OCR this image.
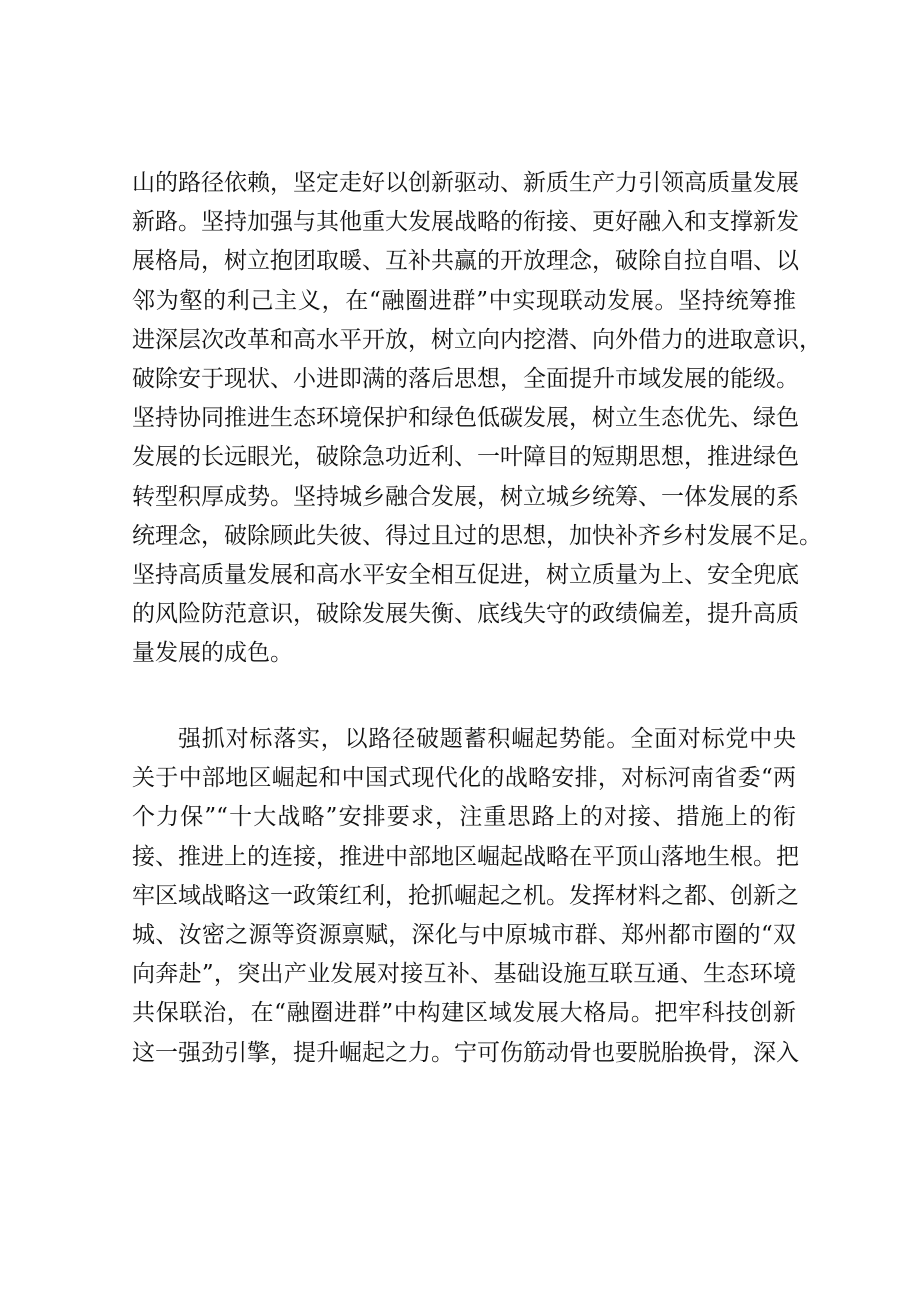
山的路径依赖，坚定走好以创新驱动、新质生产力引领高质量发展
新路。坚持加强与其他重大发展战略的衔接、更好融入和支撑新发
展格局，树立抱团取暖、互补共赢的开放理念，破除自拉自唱、以
邻为壑的利己主义，在“融圈进群”中实现联动发展。坚持统筹推
进深层次改革和高水平开放，树立向内挖潜、向外借力的进取意识，
破除安于现状、小进即满的落后思想，全面提升市域发展的能级。
坚持协同推进生态环境保护和绿色低碳发展，树立生态优先、绿色
发展的长远眼光，破除急功近利、一叶障目的短期思想，推进绿色
转型积厚成势。坚持城乡融合发展，树立城乡统筹、一体发展的系
统理念，破除顾此失彼、得过且过的思想，加快补齐乡村发展不足。
坚持高质量发展和高水平安全相互促进，树立质量为上、安全兜底
的风险防范意识，破除发展失衡、底线失守的政绩偏差，提升高质
量发展的成色。
强抓对标落实，以路径破题蓄积崛起势能。全面对标党中央
关于中部地区崛起和中国式现代化的战略安排，对标河南省委“两
个力保”“十大战略”安排要求，注重思路上的对接、措施上的衔
接、推进上的连接，推进中部地区崛起战略在平顶山落地生根。把
牢区域战略这一政策红利，抢抓崛起之机。发挥材料之都、创新之
城、汝密之源等资源禀赋，深化与中原城市群、郑州都市圈的“双
向奔赴”，突出产业发展对接互补、基础设施互联互通、生态环境
共保联治，在“融圈进群”中构建区域发展大格局。把牢科技创新
这一强劲引擎，提升崛起之力。宁可伤筋动骨也要脱胎换骨，深入
